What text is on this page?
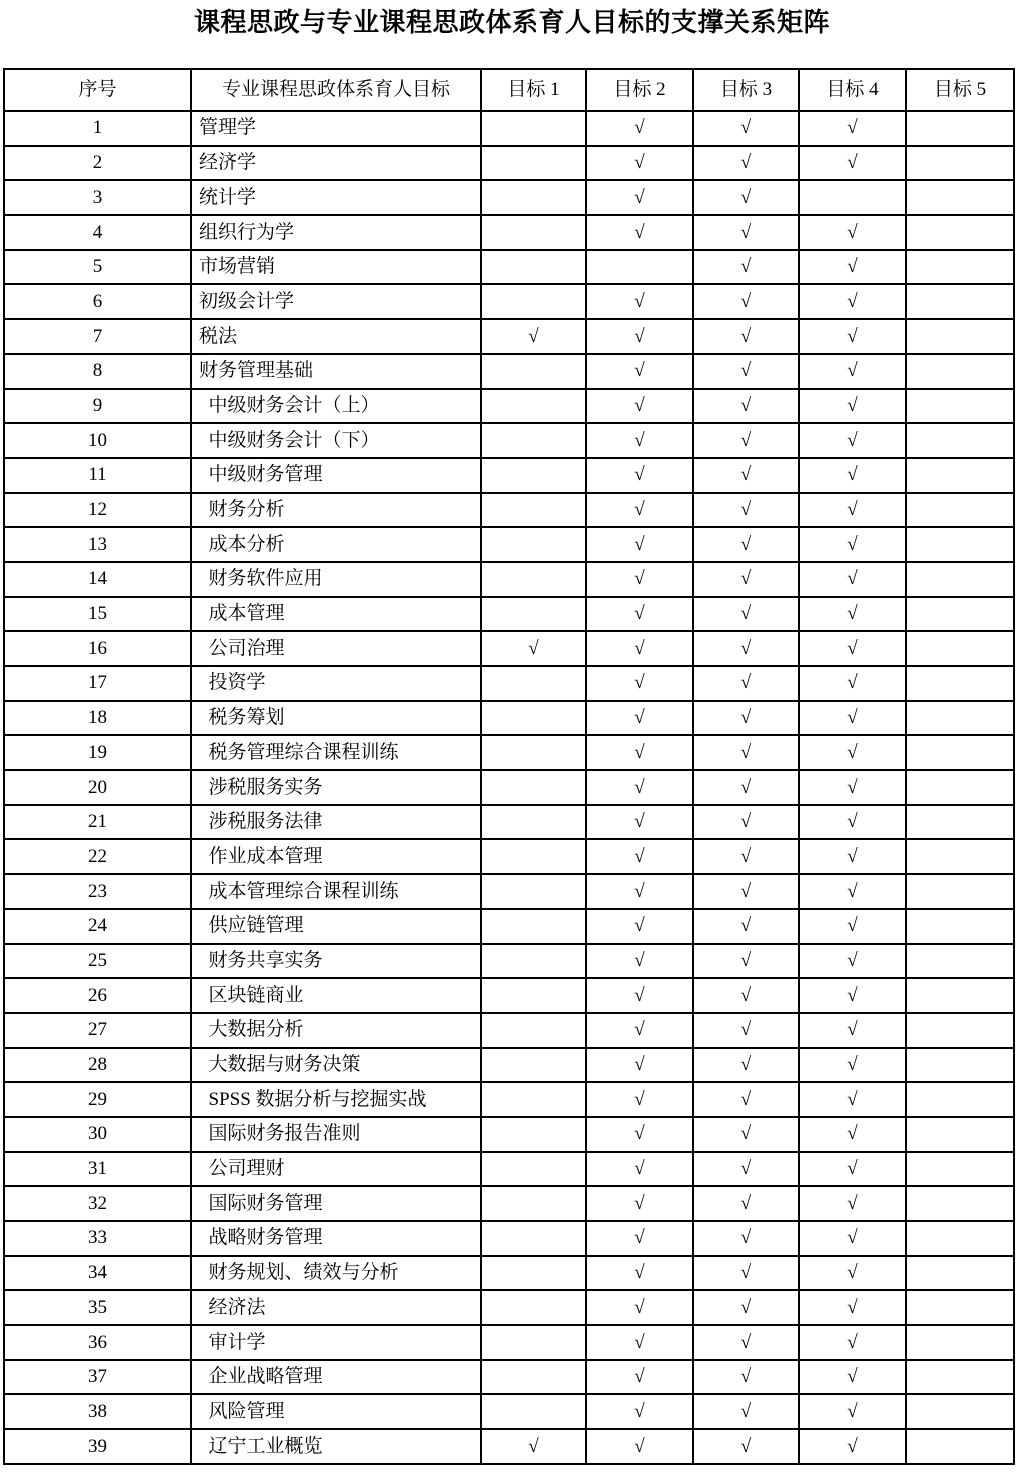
课程思政与专业课程思政体系育人目标的支撑关系矩阵
序号	专业课程思政体系育人目标	目标 1	目标 2	目标 3	目标 4	目标 5
1	管理学		√	√	√	
2	经济学		√	√	√	
3	统计学		√	√		
4	组织行为学		√	√	√	
5	市场营销			√	√	
6	初级会计学		√	√	√	
7	税法	√	√	√	√	
8	财务管理基础		√	√	√	
9	 中级财务会计（上）		√	√	√	
10	 中级财务会计（下）		√	√	√	
11	 中级财务管理		√	√	√	
12	 财务分析		√	√	√	
13	 成本分析		√	√	√	
14	 财务软件应用		√	√	√	
15	 成本管理		√	√	√	
16	 公司治理	√	√	√	√	
17	 投资学		√	√	√	
18	 税务筹划		√	√	√	
19	 税务管理综合课程训练		√	√	√	
20	 涉税服务实务		√	√	√	
21	 涉税服务法律		√	√	√	
22	 作业成本管理		√	√	√	
23	 成本管理综合课程训练		√	√	√	
24	 供应链管理		√	√	√	
25	 财务共享实务		√	√	√	
26	 区块链商业		√	√	√	
27	 大数据分析		√	√	√	
28	 大数据与财务决策		√	√	√	
29	 SPSS 数据分析与挖掘实战		√	√	√	
30	 国际财务报告准则		√	√	√	
31	 公司理财		√	√	√	
32	 国际财务管理		√	√	√	
33	 战略财务管理		√	√	√	
34	 财务规划、绩效与分析		√	√	√	
35	 经济法		√	√	√	
36	 审计学		√	√	√	
37	 企业战略管理		√	√	√	
38	 风险管理		√	√	√	
39	 辽宁工业概览	√	√	√	√	
